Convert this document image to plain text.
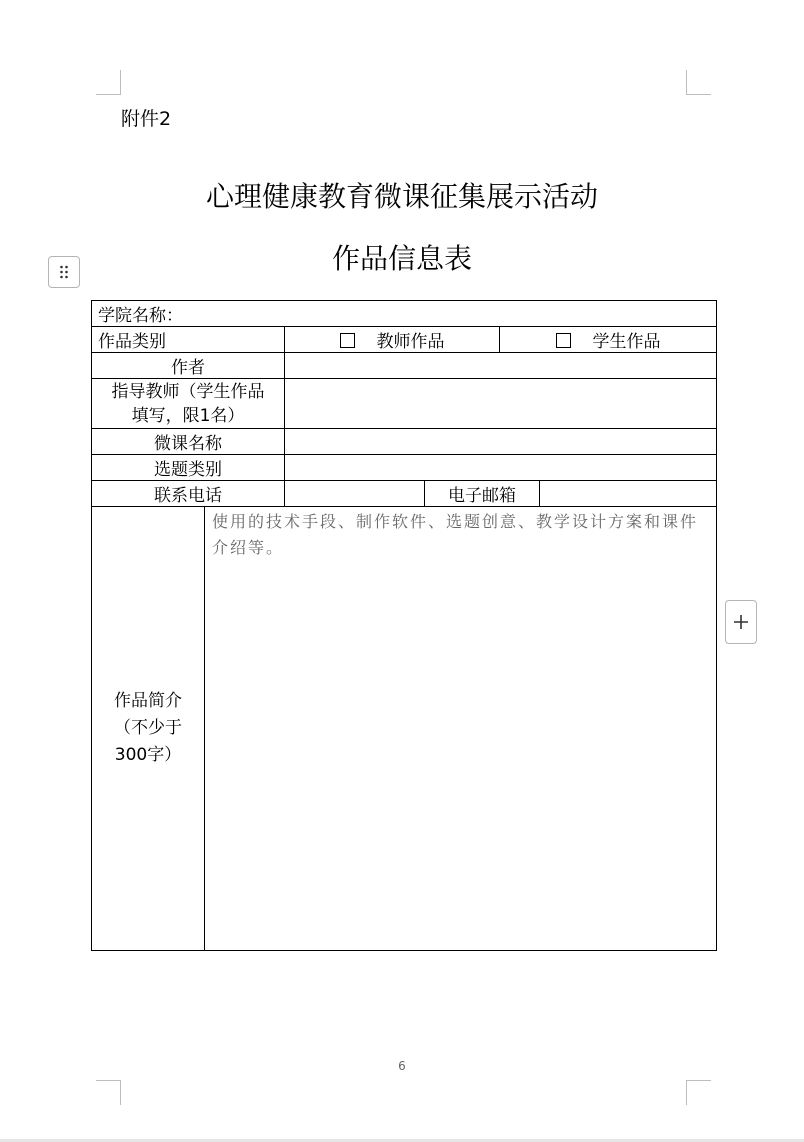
附件2
心理健康教育微课征集展示活动
作品信息表
学院名称：					
作品类别		教师作品		学生作品	
作者					

指导教师（学生作品
填写，限1名）					

微课名称					
选题类别					
联系电话			电子邮箱		

作品简介
（不少于
300字）	使用的技术手段、制作软件、选题创意、教学设计方案和课件介绍等。				
6
